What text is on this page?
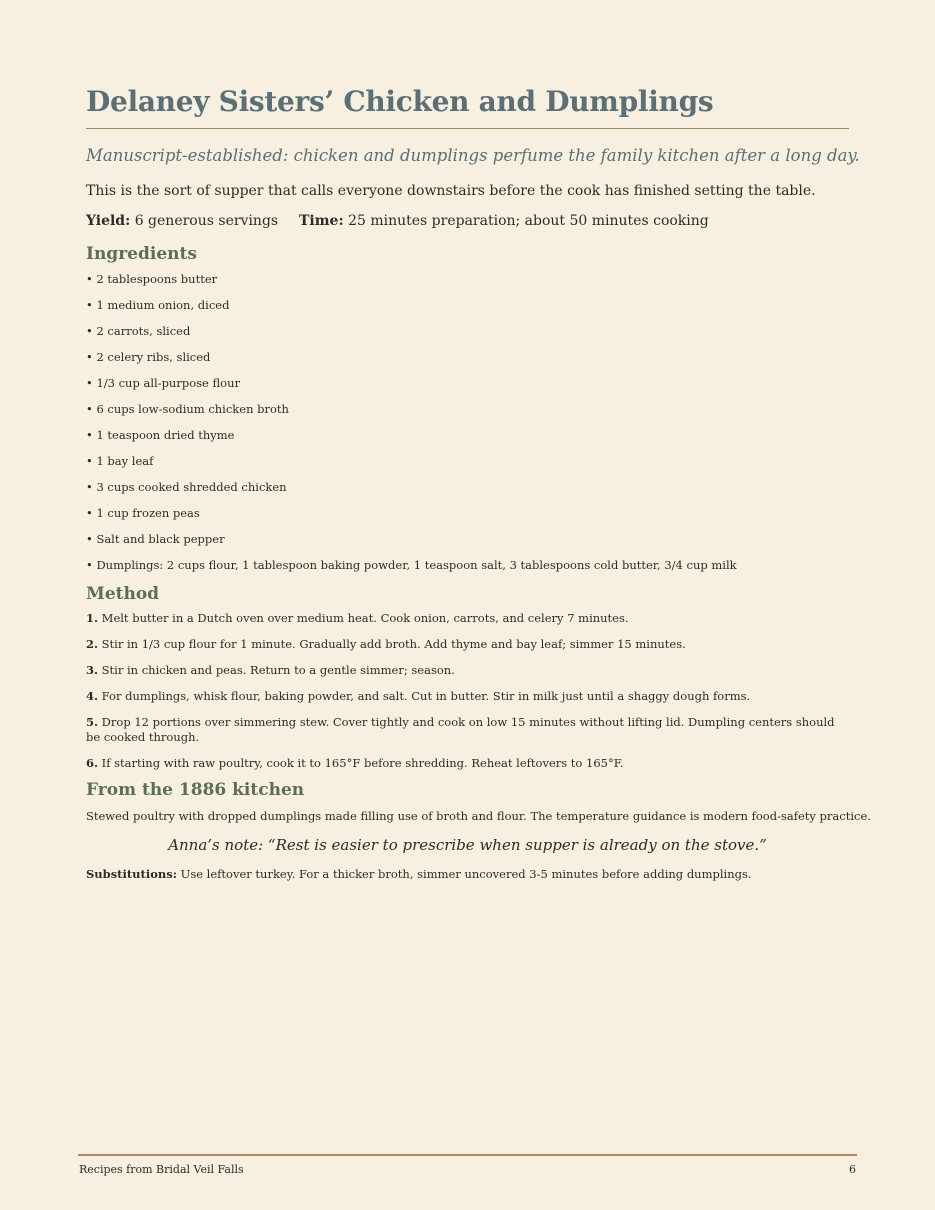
Delaney Sisters’ Chicken and Dumplings

Manuscript-established: chicken and dumplings perfume the family kitchen after a long day.

This is the sort of supper that calls everyone downstairs before the cook has finished setting the table.

Yield: 6 generous servings Time: 25 minutes preparation; about 50 minutes cooking

Ingredients
• 2 tablespoons butter
• 1 medium onion, diced
• 2 carrots, sliced
• 2 celery ribs, sliced
• 1/3 cup all-purpose flour
• 6 cups low-sodium chicken broth
• 1 teaspoon dried thyme
• 1 bay leaf
• 3 cups cooked shredded chicken
• 1 cup frozen peas
• Salt and black pepper
• Dumplings: 2 cups flour, 1 tablespoon baking powder, 1 teaspoon salt, 3 tablespoons cold butter, 3/4 cup milk
Method
1. Melt butter in a Dutch oven over medium heat. Cook onion, carrots, and celery 7 minutes.
2. Stir in 1/3 cup flour for 1 minute. Gradually add broth. Add thyme and bay leaf; simmer 15 minutes.
3. Stir in chicken and peas. Return to a gentle simmer; season.
4. For dumplings, whisk flour, baking powder, and salt. Cut in butter. Stir in milk just until a shaggy dough forms.
5. Drop 12 portions over simmering stew. Cover tightly and cook on low 15 minutes without lifting lid. Dumpling centers should be cooked through.
6. If starting with raw poultry, cook it to 165°F before shredding. Reheat leftovers to 165°F.
From the 1886 kitchen

Stewed poultry with dropped dumplings made filling use of broth and flour. The temperature guidance is modern food-safety practice.

Anna’s note: “Rest is easier to prescribe when supper is already on the stove.”

Substitutions: Use leftover turkey. For a thicker broth, simmer uncovered 3-5 minutes before adding dumplings.

Recipes from Bridal Veil Falls	6
